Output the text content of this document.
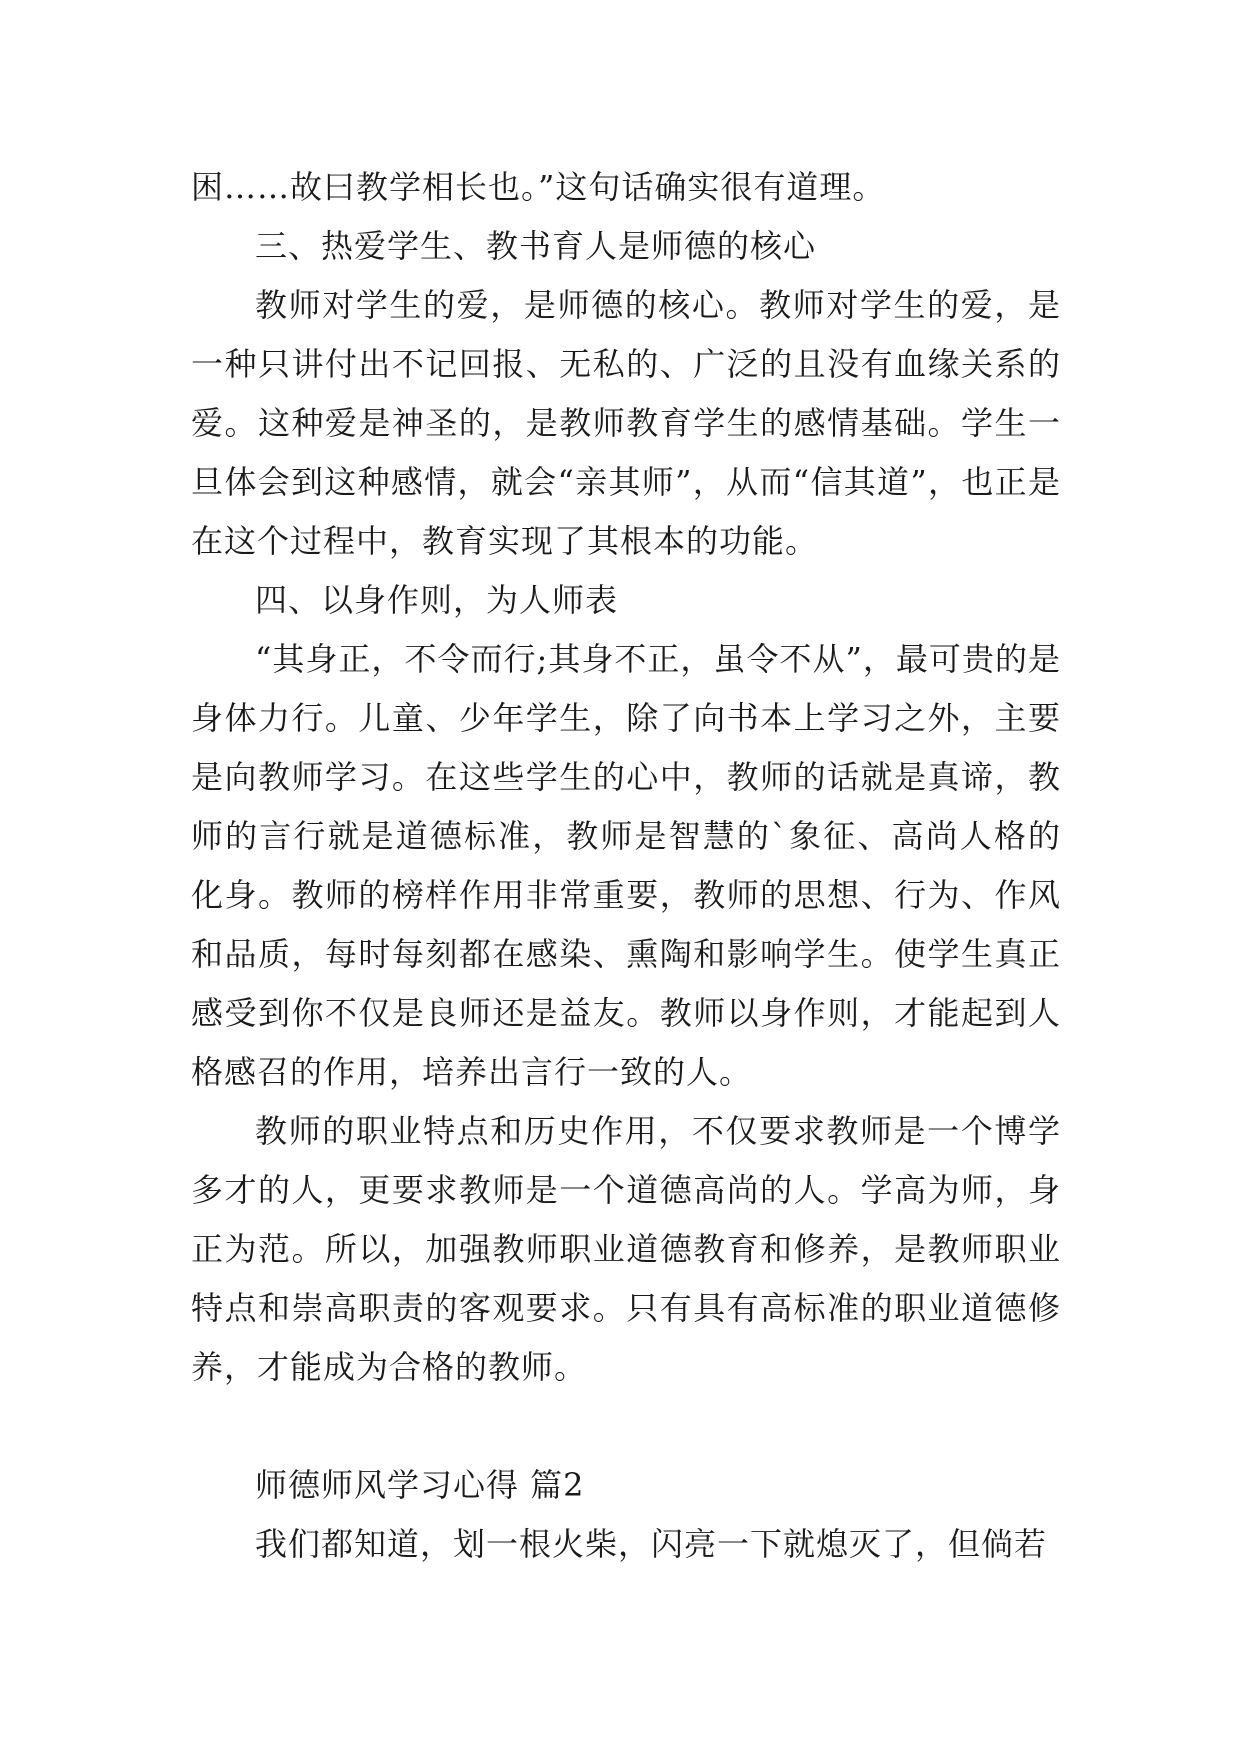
困……故曰教学相长也。”这句话确实很有道理。

三、热爱学生、教书育人是师德的核心

教师对学生的爱，是师德的核心。教师对学生的爱，是一种只讲付出不记回报、无私的、广泛的且没有血缘关系的爱。这种爱是神圣的，是教师教育学生的感情基础。学生一旦体会到这种感情，就会“亲其师”，从而“信其道”，也正是在这个过程中，教育实现了其根本的功能。

四、以身作则，为人师表

“其身正，不令而行;其身不正，虽令不从”，最可贵的是身体力行。儿童、少年学生，除了向书本上学习之外，主要是向教师学习。在这些学生的心中，教师的话就是真谛，教师的言行就是道德标准，教师是智慧的`象征、高尚人格的化身。教师的榜样作用非常重要，教师的思想、行为、作风和品质，每时每刻都在感染、熏陶和影响学生。使学生真正感受到你不仅是良师还是益友。教师以身作则，才能起到人格感召的作用，培养出言行一致的人。

教师的职业特点和历史作用，不仅要求教师是一个博学多才的人，更要求教师是一个道德高尚的人。学高为师，身正为范。所以，加强教师职业道德教育和修养，是教师职业特点和崇高职责的客观要求。只有具有高标准的职业道德修养，才能成为合格的教师。

师德师风学习心得 篇2

我们都知道，划一根火柴，闪亮一下就熄灭了，但倘若
